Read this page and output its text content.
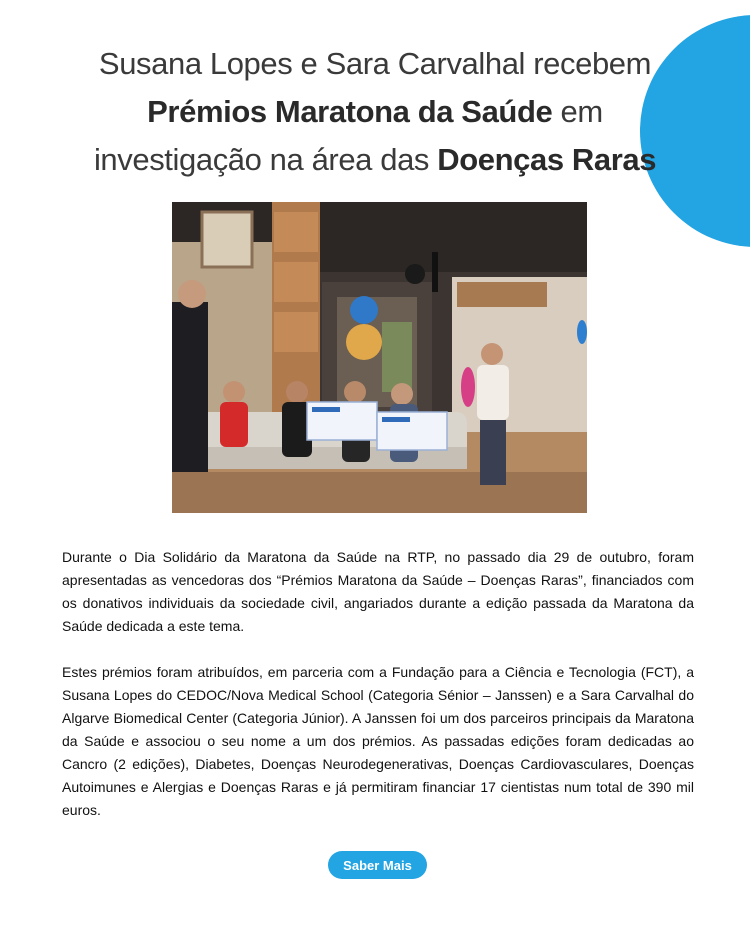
Susana Lopes e Sara Carvalhal recebem Prémios Maratona da Saúde em investigação na área das Doenças Raras

Durante o Dia Solidário da Maratona da Saúde na RTP, no passado dia 29 de outubro, foram apresentadas as vencedoras dos “Prémios Maratona da Saúde – Doenças Raras”, financiados com os donativos individuais da sociedade civil, angariados durante a edição passada da Maratona da Saúde dedicada a este tema.

Estes prémios foram atribuídos, em parceria com a Fundação para a Ciência e Tecnologia (FCT), a Susana Lopes do CEDOC/Nova Medical School (Categoria Sénior – Janssen) e a Sara Carvalhal do Algarve Biomedical Center (Categoria Júnior). A Janssen foi um dos parceiros principais da Maratona da Saúde e associou o seu nome a um dos prémios. As passadas edições foram dedicadas ao Cancro (2 edições), Diabetes, Doenças Neurodegenerativas, Doenças Cardiovasculares, Doenças Autoimunes e Alergias e Doenças Raras e já permitiram financiar 17 cientistas num total de 390 mil euros.

Saber Mais
